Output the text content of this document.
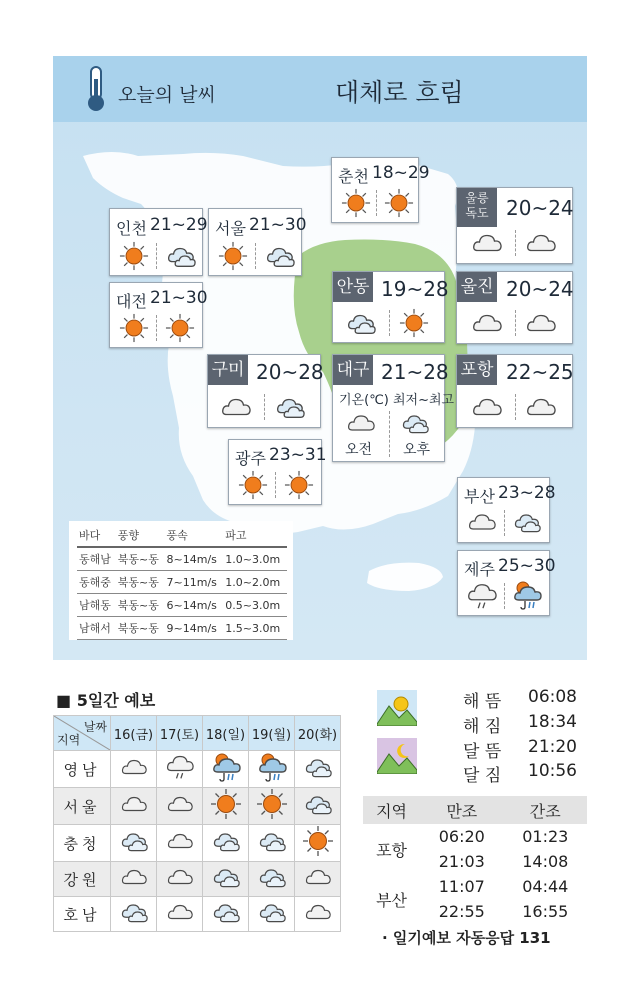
오늘의 날씨	대체로 흐림
바다	풍향	풍속	파고
동해남	북동~동	8~14m/s	1.0~3.0m
동해중	북동~동	7~11m/s	1.0~2.0m
남해동	북동~동	6~14m/s	0.5~3.0m
남해서	북동~동	9~14m/s	1.5~3.0m
춘천 18~29
인천 21~29 서울 21~30
대전 21~30
울릉
독도 20~24
안동 19~28 울진 20~24
구미 20~28 대구 21~28
기온(℃) 최저~최고
오전 오후
포항 22~25
광주 23~31
부산 23~28
제주 25~30
■ 5일간 예보
날짜
지역	16(금)	17(토)	18(일)	19(월)	20(화)
영남					
서울					
충청					
강원					
호남					
해 뜸 06:08
해 짐 18:34
달 뜸 21:20
달 짐 10:56
지역	만조	간조
포항	06:20	01:23
	21:03	14:08
부산	11:07	04:44
	22:55	16:55
· 일기예보 자동응답 131
